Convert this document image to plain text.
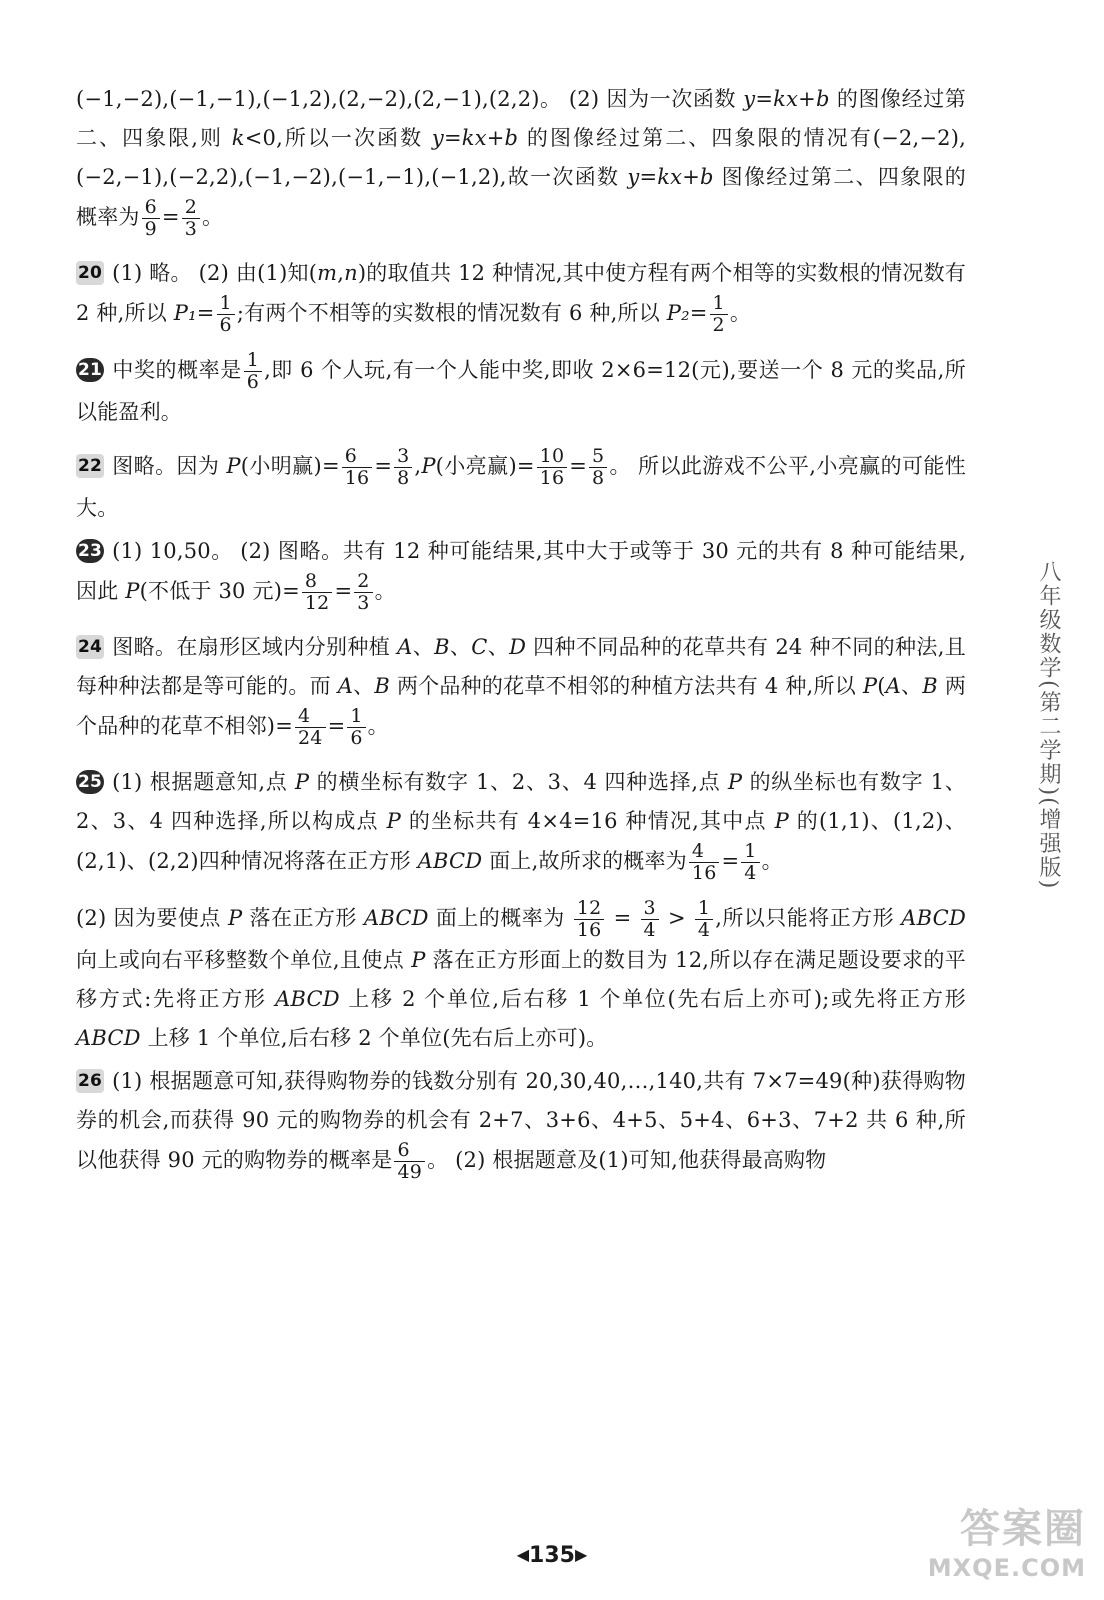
(−1,−2),(−1,−1),(−1,2),(2,−2),(2,−1),(2,2)。 (2) 因为一次函数 y=kx+b 的图像经过第二、四象限,则 k<0,所以一次函数 y=kx+b 的图像经过第二、四象限的情况有(−2,−2),(−2,−1),(−2,2),(−1,−2),(−1,−1),(−1,2),故一次函数 y=kx+b 图像经过第二、四象限的概率为 $\frac{6}{9} = \frac{2}{3}$ 。

20 (1) 略。 (2) 由(1)知(m,n)的取值共 12 种情况,其中使方程有两个相等的实数根的情况数有 2 种,所以 $P_1= \frac{1}{6}$ ;有两个不相等的实数根的情况数有 6 种,所以 $P_2= \frac{1}{2}$ 。

21 中奖的概率是 $\frac{1}{6}$ ,即 6 个人玩,有一个人能中奖,即收 2×6=12(元),要送一个 8 元的奖品,所以能盈利。

22 图略。因为 P(小明赢)= $\frac{6}{16} = \frac{3}{8} ,P$(小亮赢)= $\frac{10}{16} = \frac{5}{8}$ 。 所以此游戏不公平,小亮赢的可能性大。

23 (1) 10,50。 (2) 图略。共有 12 种可能结果,其中大于或等于 30 元的共有 8 种可能结果,因此 P(不低于 30 元)= $\frac{8}{12} = \frac{2}{3}$ 。

24 图略。在扇形区域内分别种植 A、B、C、D 四种不同品种的花草共有 24 种不同的种法,且每种种法都是等可能的。而 A、B 两个品种的花草不相邻的种植方法共有 4 种,所以 P(A、B 两个品种的花草不相邻)= $\frac{4}{24} = \frac{1}{6}$ 。

25 (1) 根据题意知,点 P 的横坐标有数字 1、2、3、4 四种选择,点 P 的纵坐标也有数字 1、2、3、4 四种选择,所以构成点 P 的坐标共有 4×4=16 种情况,其中点 P 的(1,1)、(1,2)、(2,1)、(2,2)四种情况将落在正方形 ABCD 面上,故所求的概率为 $\frac{4}{16} = \frac{1}{4}$ 。

(2) 因为要使点 P 落在正方形 ABCD 面上的概率为 $\frac{12}{16} = \frac{3}{4} > \frac{1}{4}$ ,所以只能将正方形 ABCD 向上或向右平移整数个单位,且使点 P 落在正方形面上的数目为 12,所以存在满足题设要求的平移方式:先将正方形 ABCD 上移 2 个单位,后右移 1 个单位(先右后上亦可);或先将正方形 ABCD 上移 1 个单位,后右移 2 个单位(先右后上亦可)。

26 (1) 根据题意可知,获得购物券的钱数分别有 20,30,40,…,140,共有 7×7=49(种)获得购物券的机会,而获得 90 元的购物券的机会有 2+7、3+6、4+5、5+4、6+3、7+2 共 6 种,所以他获得 90 元的购物券的概率是 $\frac{6}{49}$ 。 (2) 根据题意及(1)可知,他获得最高购物

八年级数学(第二学期)(增强版)
◀135▶
答案圈
MXQE.COM
